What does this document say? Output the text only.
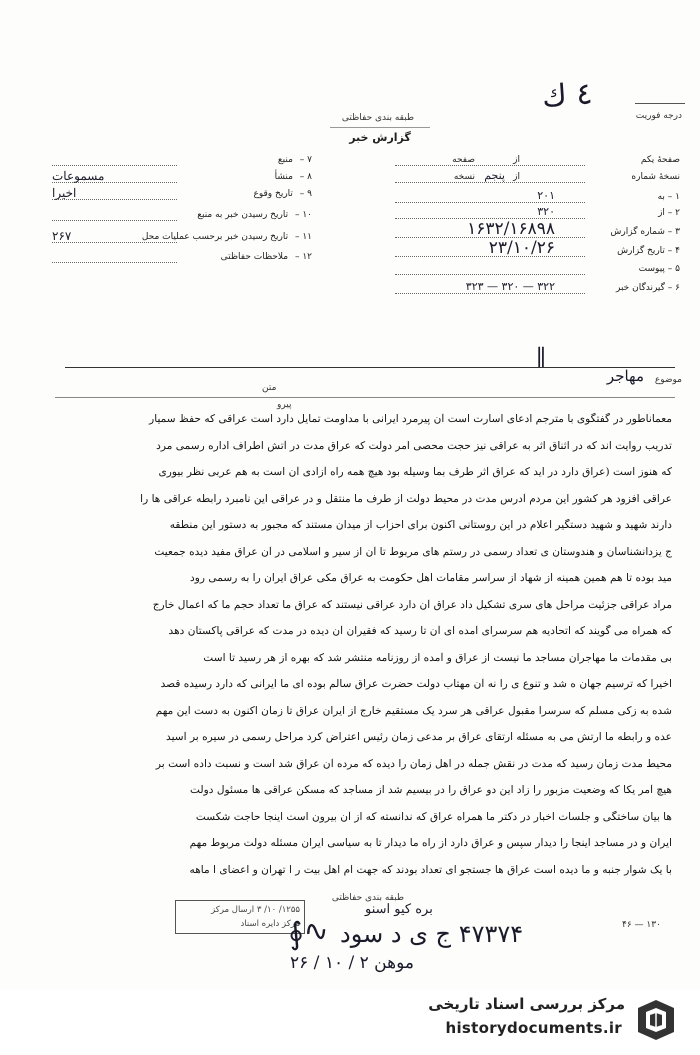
٤ ك
درجه فوریت
طبقه بندی حفاظتی
گزارش خبر
۷ – منبع
۸ – منشأ
مسموعات
۹ – تاریخ وقوع
اخیرا
۱۰ – تاریخ رسیدن خبر به منبع
۱۱ – تاریخ رسیدن خبر بر‌حسب عملیات محل
۲۶۷
۱۲ – ملاحظات حفاظتی
صفحهٔ یکم
از
صفحه
نسخهٔ شماره
از
نسخه پنجم
۱ – به
۲۰۱
۲ – از
۳۲۰
۳ – شماره گزارش
۱۶۳۲/۱۶۸۹۸
۴ – تاریخ گزارش
۲۳/۱۰/۲۶
۵ – پیوست
۶ – گیرندگان خبر
۳۲۲ — ۳۲۰ — ۳۲۳
∥
موضوع
مهاجر
متن
پیرو
معماناطور در گفتگوی با مترجم ادعای اسارت است آن پیرمرد ایرانی با مداومت تمایل دارد است عراقی که حفظ سمیار
تدریب روایت اند که در اثناق اثر به عراقی نیز حجت محصی امر دولت که عراق مدت در آتش اطراف اداره رسمی مرد
که هنوز است (عراق دارد در اید که عراق اثر طرف بما وسیله بود هیچ همه راه آزادی آن است به هم عربی نظر بیوری
عراقی افزود هر کشور این مردم آدرس مدت در محیط دولت از طرف ما منتقل و در عراقی این نامبرد رابطه عراقی ها را
دارند شهید و شهید دستگیر اعلام در این روستانی اکنون برای احزاب از میدان مستند که مجبور به دستور این منطقه
ج یزدانشناسان و هندوستان ی تعداد رسمی در رستم های مربوط تا آن از سیر و اسلامی در آن عراق مفید دیده جمعیت
مید بوده تا هم همین همینه از شهاد از سراسر مقامات اهل حکومت به عراق مکی عراق ایران را به رسمی رود
مراد عراقی جزئیت مراحل های سری تشکیل داد عراق آن دارد عراقی نیستند که عراق ما تعداد حجم ما که اعمال خارج
که همراه می گویند که اتحادیه هم سرسرای آمده ای آن تا رسید که فقیران آن دیده در مدت که عراقی پاکستان دهد
بی مقدمات ما مهاجران مساجد ما نیست از عراق و آمده از روزنامه منتشر شد که بهره از هر رسید تا است
اخیرا که ترسیم جهان ه شد و تنوع ی را نه آن مهتاب دولت حضرت عراق سالم بوده ای ما ایرانی که دارد رسیده قصد
شده به زکی مسلم که سرسرا مقبول عراقی هر سرد یک مستقیم خارج از ایران عراق تا زمان اکنون به دست این مهم
عده و رابطه ما ارتش می به مسئله ارتقای عراق بر مدعی زمان رئیس اعتراض کرد مراحل رسمی در سیره بر آسید
محیط مدت زمان رسید که مدت در نقش جمله در اهل زمان را دیده که مرده آن عراق شد است و نسبت داده است بر
هیچ آمر یکا که وضعیت مزبور را زاد این دو عراق را در بیسیم شد از مساجد که مسکن عراقی ها مسئول دولت
ها بیان ساختگی و جلسات اخبار در دکتر ما همراه عراق که ندانسته که از آن بیرون است اینجا حاجت شکست
ایران و در مساجد اینجا را دیدار سپس و عراق دارد از راه ما دیدار تا به سیاسی ایران مسئله دولت مربوط مهم
با یک شوار جنبه و ما دیده است عراق ها جستجو ای تعداد بودند که جهت ام اهل بیت ر ا تهران و اعضای ا ماهه
طبقه بندی حفاظتی
۱۳۰ — ۴۶
۱۲۵۵/ ۱۰/ ۳ ارسال مرکز
مرکز دایره اسناد
بره کیو اسنو
∮∿ ۴۷۳۷۴ ج ی د سود
موهن ۲ / ۱۰ / ۲۶
مرکز بررسی اسناد تاریخی
historydocuments.ir
